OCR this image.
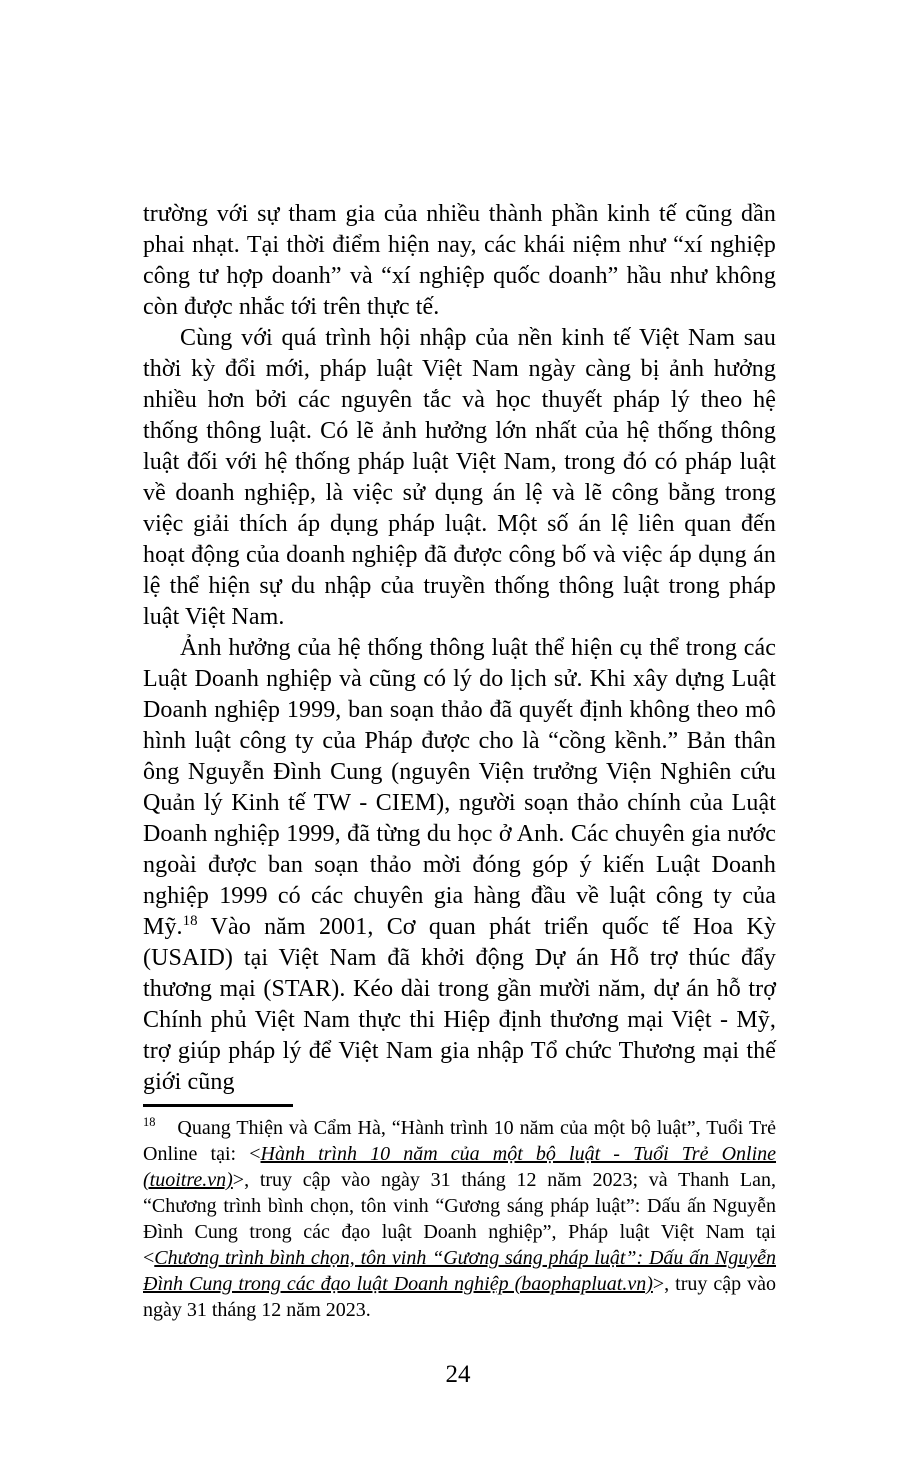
trường với sự tham gia của nhiều thành phần kinh tế cũng dần phai nhạt. Tại thời điểm hiện nay, các khái niệm như “xí nghiệp công tư hợp doanh” và “xí nghiệp quốc doanh” hầu như không còn được nhắc tới trên thực tế.

Cùng với quá trình hội nhập của nền kinh tế Việt Nam sau thời kỳ đổi mới, pháp luật Việt Nam ngày càng bị ảnh hưởng nhiều hơn bởi các nguyên tắc và học thuyết pháp lý theo hệ thống thông luật. Có lẽ ảnh hưởng lớn nhất của hệ thống thông luật đối với hệ thống pháp luật Việt Nam, trong đó có pháp luật về doanh nghiệp, là việc sử dụng án lệ và lẽ công bằng trong việc giải thích áp dụng pháp luật. Một số án lệ liên quan đến hoạt động của doanh nghiệp đã được công bố và việc áp dụng án lệ thể hiện sự du nhập của truyền thống thông luật trong pháp luật Việt Nam.

Ảnh hưởng của hệ thống thông luật thể hiện cụ thể trong các Luật Doanh nghiệp và cũng có lý do lịch sử. Khi xây dựng Luật Doanh nghiệp 1999, ban soạn thảo đã quyết định không theo mô hình luật công ty của Pháp được cho là “cồng kềnh.” Bản thân ông Nguyễn Đình Cung (nguyên Viện trưởng Viện Nghiên cứu Quản lý Kinh tế TW - CIEM), người soạn thảo chính của Luật Doanh nghiệp 1999, đã từng du học ở Anh. Các chuyên gia nước ngoài được ban soạn thảo mời đóng góp ý kiến Luật Doanh nghiệp 1999 có các chuyên gia hàng đầu về luật công ty của Mỹ.$^{18}$ Vào năm 2001, Cơ quan phát triển quốc tế Hoa Kỳ (USAID) tại Việt Nam đã khởi động Dự án Hỗ trợ thúc đẩy thương mại (STAR). Kéo dài trong gần mười năm, dự án hỗ trợ Chính phủ Việt Nam thực thi Hiệp định thương mại Việt - Mỹ, trợ giúp pháp lý để Việt Nam gia nhập Tổ chức Thương mại thế giới cũng

$^{18}$ Quang Thiện và Cẩm Hà, “Hành trình 10 năm của một bộ luật”, Tuổi Trẻ Online tại: <Hành trình 10 năm của một bộ luật - Tuổi Trẻ Online (tuoitre.vn)>, truy cập vào ngày 31 tháng 12 năm 2023; và Thanh Lan, “Chương trình bình chọn, tôn vinh “Gương sáng pháp luật”: Dấu ấn Nguyễn Đình Cung trong các đạo luật Doanh nghiệp”, Pháp luật Việt Nam tại <Chương trình bình chọn, tôn vinh “Gương sáng pháp luật”: Dấu ấn Nguyễn Đình Cung trong các đạo luật Doanh nghiệp (baophapluat.vn)>, truy cập vào ngày 31 tháng 12 năm 2023.

24
